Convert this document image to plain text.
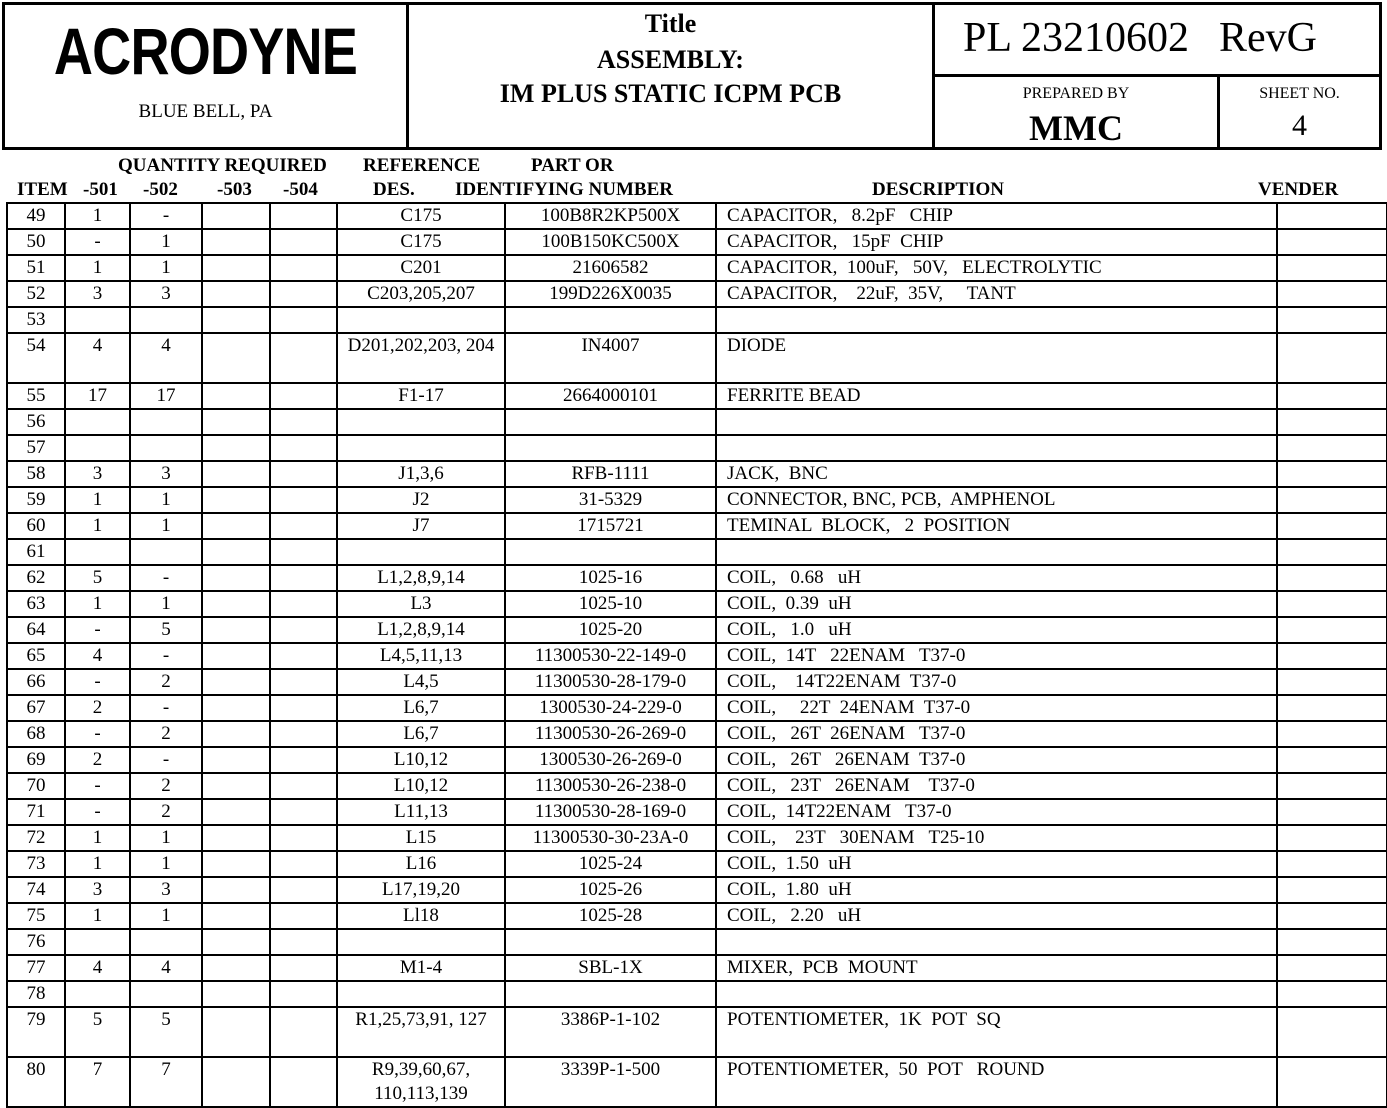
ACRODYNE
BLUE BELL, PA
Title
ASSEMBLY:
IM PLUS STATIC ICPM PCB
PL 23210602 RevG
PREPARED BY
MMC
SHEET NO.
4
QUANTITY REQUIRED REFERENCE	PART OR
ITEM -501 -502 -503 -504	DES. IDENTIFYING NUMBER	DESCRIPTION	VENDER
49	1	-			C175	100B8R2KP500X	CAPACITOR,   8.2pF   CHIP	
50	-	1			C175	100B150KC500X	CAPACITOR,   15pF  CHIP	
51	1	1			C201	21606582	CAPACITOR,  100uF,   50V,   ELECTROLYTIC	
52	3	3			C203,205,207	199D226X0035	CAPACITOR,    22uF,  35V,     TANT	
53								
54	4	4			D201,202,203, 204	IN4007	DIODE	
55	17	17			F1-17	2664000101	FERRITE BEAD	
56								
57								
58	3	3			J1,3,6	RFB-1111	JACK,  BNC	
59	1	1			J2	31-5329	CONNECTOR, BNC, PCB,  AMPHENOL	
60	1	1			J7	1715721	TEMINAL  BLOCK,   2  POSITION	
61								
62	5	-			L1,2,8,9,14	1025-16	COIL,   0.68   uH	
63	1	1			L3	1025-10	COIL,  0.39  uH	
64	-	5			L1,2,8,9,14	1025-20	COIL,   1.0   uH	
65	4	-			L4,5,11,13	11300530-22-149-0	COIL,  14T   22ENAM   T37-0	
66	-	2			L4,5	11300530-28-179-0	COIL,    14T22ENAM  T37-0	
67	2	-			L6,7	1300530-24-229-0	COIL,     22T  24ENAM  T37-0	
68	-	2			L6,7	11300530-26-269-0	COIL,   26T  26ENAM   T37-0	
69	2	-			L10,12	1300530-26-269-0	COIL,   26T   26ENAM  T37-0	
70	-	2			L10,12	11300530-26-238-0	COIL,   23T   26ENAM    T37-0	
71	-	2			L11,13	11300530-28-169-0	COIL,  14T22ENAM   T37-0	
72	1	1			L15	11300530-30-23A-0	COIL,    23T   30ENAM   T25-10	
73	1	1			L16	1025-24	COIL,  1.50  uH	
74	3	3			L17,19,20	1025-26	COIL,  1.80  uH	
75	1	1			Ll18	1025-28	COIL,   2.20   uH	
76								
77	4	4			M1-4	SBL-1X	MIXER,  PCB  MOUNT	
78								
79	5	5			R1,25,73,91, 127	3386P-1-102	POTENTIOMETER,  1K  POT  SQ	
80	7	7			R9,39,60,67, 110,113,139	3339P-1-500	POTENTIOMETER,  50  POT   ROUND	
